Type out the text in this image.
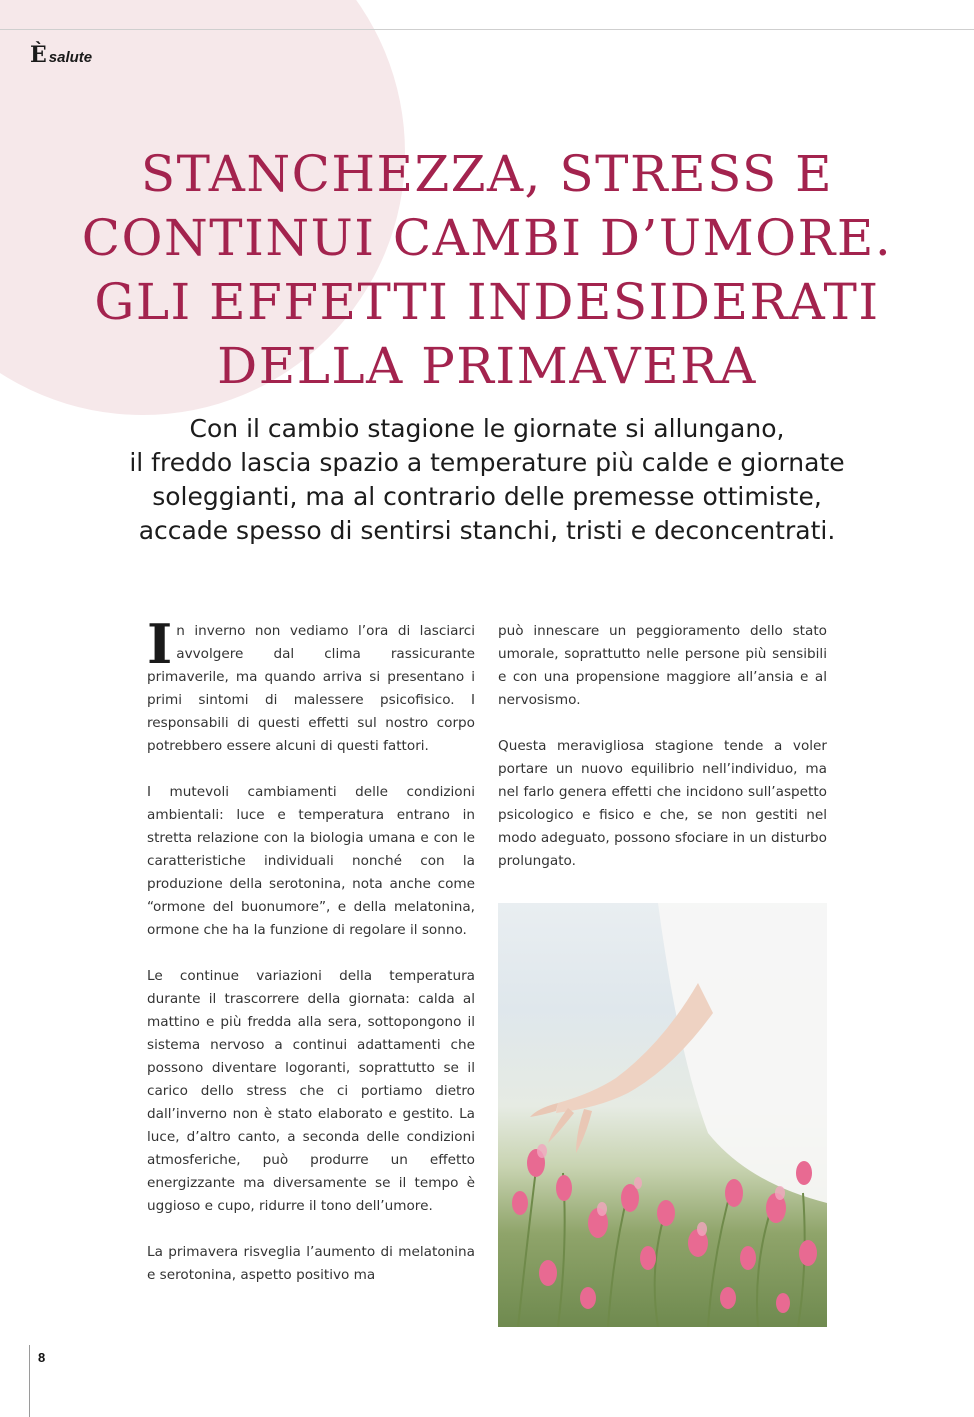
È salute
STANCHEZZA, STRESS E
CONTINUI CAMBI D’UMORE.
GLI EFFETTI INDESIDERATI
DELLA PRIMAVERA

Con il cambio stagione le giornate si allungano,
il freddo lascia spazio a temperature più calde e giornate
soleggianti, ma al contrario delle premesse ottimiste,
accade spesso di sentirsi stanchi, tristi e deconcentrati.

In inverno non vediamo l’ora di lasciarci avvolgere dal clima rassicurante primaverile, ma quando arriva si presentano i primi sintomi di malessere psicofisico. I responsabili di questi effetti sul nostro corpo potrebbero essere alcuni di questi fattori.

I mutevoli cambiamenti delle condizioni ambientali: luce e temperatura entrano in stretta relazione con la biologia umana e con le caratteristiche individuali nonché con la produzione della serotonina, nota anche come “ormone del buonumore”, e della melatonina, ormone che ha la funzione di regolare il sonno.

Le continue variazioni della temperatura durante il trascorrere della giornata: calda al mattino e più fredda alla sera, sottopongono il sistema nervoso a continui adattamenti che possono diventare logoranti, soprattutto se il carico dello stress che ci portiamo dietro dall’inverno non è stato elaborato e gestito. La luce, d’altro canto, a seconda delle condizioni atmosferiche, può produrre un effetto energizzante ma diversamente se il tempo è uggioso e cupo, ridurre il tono dell’umore.

La primavera risveglia l’aumento di melatonina e serotonina, aspetto positivo ma

può innescare un peggioramento dello stato umorale, soprattutto nelle persone più sensibili e con una propensione maggiore all’ansia e al nervosismo.

Questa meravigliosa stagione tende a voler portare un nuovo equilibrio nell’individuo, ma nel farlo genera effetti che incidono sull’aspetto psicologico e fisico e che, se non gestiti nel modo adeguato, possono sfociare in un disturbo prolungato.

8
